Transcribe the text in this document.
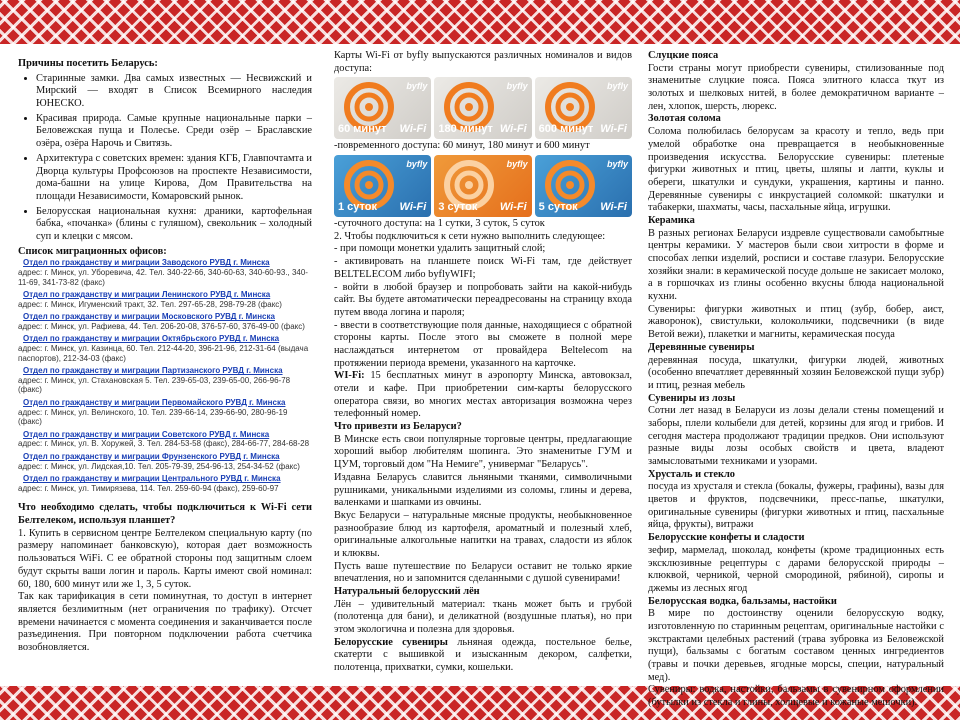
Причины посетить Беларусь:
• Старинные замки. Два самых известных — Несвижский и Мирский — входят в Список Всемирного наследия ЮНЕСКО.
• Красивая природа. Самые крупные национальные парки – Беловежская пуща и Полесье. Среди озёр – Браславские озёра, озёра Нарочь и Свитязь.
• Архитектура с советских времен: здания КГБ, Главпочтамта и Дворца культуры Профсоюзов на проспекте Независимости, дома-башни на улице Кирова, Дом Правительства на площади Независимости, Комаровский рынок.
• Белорусская национальная кухня: драники, картофельная бабка, «почанка» (блины с гуляшом), свекольник – холодный суп и клецки с мясом.
Список миграционных офисов:
Отдел по гражданству и миграции Заводского РУВД г. Минска
адрес: г. Минск, ул. Уборевича, 42. Тел. 340-22-66, 340-60-63, 340-60-93., 340-11-69, 341-73-82 (факс)
Отдел по гражданству и миграции Ленинского РУВД г. Минска
адрес: г. Минск, Игуменский тракт, 32. Тел. 297-65-28, 298-79-28 (факс)
Отдел по гражданству и миграции Московского РУВД г. Минска
адрес: г. Минск, ул. Рафиева, 44. Тел. 206-20-08, 376-57-60, 376-49-00 (факс)
Отдел по гражданству и миграции Октябрьского РУВД г. Минска
адрес: г. Минск, ул. Казинца, 60. Тел. 212-44-20, 396-21-96, 212-31-64 (выдача паспортов), 212-34-03 (факс)
Отдел по гражданству и миграции Партизанского РУВД г. Минска
адрес: г. Минск, ул. Стахановская 5. Тел. 239-65-03, 239-65-00, 266-96-78 (факс)
Отдел по гражданству и миграции Первомайского РУВД г. Минска
адрес: г. Минск, ул. Велинского, 10. Тел. 239-66-14, 239-66-90, 280-96-19 (факс)
Отдел по гражданству и миграции Советского РУВД г. Минска
адрес: г. Минск, ул. В. Хоружей, 3. Тел. 284-53-58 (факс), 284-66-77, 284-68-28
Отдел по гражданству и миграции Фрунзенского РУВД г. Минска
адрес: г. Минск, ул. Лидская,10. Тел. 205-79-39, 254-96-13, 254-34-52 (факс)
Отдел по гражданству и миграции Центрального РУВД г. Минска
адрес: г. Минск, ул. Тимирязева, 114. Тел. 259-60-94 (факс), 259-60-97
Что необходимо сделать, чтобы подключиться к Wi-Fi сети Белтелеком, используя планшет?

1. Купить в сервисном центре Белтелеком специальную карту (по размеру напоминает банковскую), которая дает возможность пользоваться WiFi. С ее обратной стороны под защитным слоем будут скрыты ваши логин и пароль. Карты имеют свой номинал: 60, 180, 600 минут или же 1, 3, 5 суток.

Так как тарификация в сети поминутная, то доступ в интернет является безлимитным (нет ограничения по трафику). Отсчет времени начинается с момента соединения и заканчивается после разъединения. При повторном подключении работа счетчика возобновляется.

Карты Wi-Fi от byfly выпускаются различных номиналов и видов доступа:

byfly
60 минут Wi-Fi
byfly
180 минут Wi-Fi
byfly
600 минут Wi-Fi

-повременного доступа: 60 минут, 180 минут и 600 минут

byfly
1 суток Wi-Fi
byfly
3 суток Wi-Fi
byfly
5 суток Wi-Fi

-суточного доступа: на 1 сутки, 3 суток, 5 суток

2. Чтобы подключиться к сети нужно выполнить следующее:

- при помощи монетки удалить защитный слой;

- активировать на планшете поиск Wi-Fi там, где действует BELTELECOM либо byflyWIFI;

- войти в любой браузер и попробовать зайти на какой-нибудь сайт. Вы будете автоматически переадресованы на страницу входа путем ввода логина и пароля;

- ввести в соответствующие поля данные, находящиеся с обратной стороны карты. После этого вы сможете в полной мере наслаждаться интернетом от провайдера Beltelecom на протяжении периода времени, указанного на карточке.

WI-Fi: 15 бесплатных минут в аэропорту Минска, автовокзал, отели и кафе. При приобретении сим-карты белорусского оператора связи, во многих местах авторизация возможна через телефонный номер.

Что привезти из Беларуси?

В Минске есть свои популярные торговые центры, предлагающие хороший выбор любителям шопинга. Это знаменитые ГУМ и ЦУМ, торговый дом "На Немиге", универмаг "Беларусь".

Издавна Беларусь славится льняными тканями, символичными рушниками, уникальными изделиями из соломы, глины и дерева, валенками и шапками из овчины.

Вкус Беларуси – натуральные мясные продукты, необыкновенное разнообразие блюд из картофеля, ароматный и полезный хлеб, оригинальные алкогольные напитки на травах, сладости из яблок и клюквы.

Пусть ваше путешествие по Беларуси оставит не только яркие впечатления, но и запомнится сделанными с душой сувенирами!

Натуральный белорусский лён

Лён – удивительный материал: ткань может быть и грубой (полотенца для бани), и деликатной (воздушные платья), но при этом экологична и полезна для здоровья.

Белорусские сувениры льняная одежда, постельное белье, скатерти с вышивкой и изысканным декором, салфетки, полотенца, прихватки, сумки, кошельки.

Слуцкие пояса

Гости страны могут приобрести сувениры, стилизованные под знаменитые слуцкие пояса. Пояса элитного класса ткут из золотых и шелковых нитей, в более демократичном варианте – лен, хлопок, шерсть, люрекс.

Золотая солома

Солома полюбилась белорусам за красоту и тепло, ведь при умелой обработке она превращается в необыкновенные произведения искусства. Белорусские сувениры: плетеные фигурки животных и птиц, цветы, шляпы и лапти, куклы и обереги, шкатулки и сундуки, украшения, картины и панно. Деревянные сувениры с инкрустацией соломкой: шкатулки и табакерки, шахматы, часы, пасхальные яйца, игрушки.

Керамика

В разных регионах Беларуси издревле существовали самобытные центры керамики. У мастеров были свои хитрости в форме и способах лепки изделий, росписи и составе глазури. Белорусские хозяйки знали: в керамической посуде дольше не закисает молоко, а в горшочках из глины особенно вкусны блюда национальной кухни.

Сувениры: фигурки животных и птиц (зубр, бобер, аист, жаворонок), свистульки, колокольчики, подсвечники (в виде Ветой вежи), плакетки и магниты, керамическая посуда

Деревянные сувениры

деревянная посуда, шкатулки, фигурки людей, животных (особенно впечатляет деревянный хозяин Беловежской пущи зубр) и птиц, резная мебель

Сувениры из лозы

Сотни лет назад в Беларуси из лозы делали стены помещений и заборы, плели колыбели для детей, корзины для ягод и грибов. И сегодня мастера продолжают традиции предков. Они используют разные виды лозы особых свойств и цвета, владеют замысловатыми техниками и узорами.

Хрусталь и стекло

посуда из хрусталя и стекла (бокалы, фужеры, графины), вазы для цветов и фруктов, подсвечники, пресс-папье, шкатулки, оригинальные сувениры (фигурки животных и птиц, пасхальные яйца, фрукты), витражи

Белорусские конфеты и сладости

зефир, мармелад, шоколад, конфеты (кроме традиционных есть эксклюзивные рецептуры с дарами белорусской природы – клюквой, черникой, черной смородиной, рябиной), сиропы и джемы из лесных ягод

Белорусская водка, бальзамы, настойки

В мире по достоинству оценили белорусскую водку, изготовленную по старинным рецептам, оригинальные настойки с экстрактами целебных растений (трава зубровка из Беловежской пущи), бальзамы с богатым составом ценных ингредиентов (травы и почки деревьев, ягодные морсы, специи, натуральный мед).

Сувениры: водка, настойки, бальзамы в сувенирном оформлении (бутылки из стекла и глины, холщевые и кожаные мешочки).
